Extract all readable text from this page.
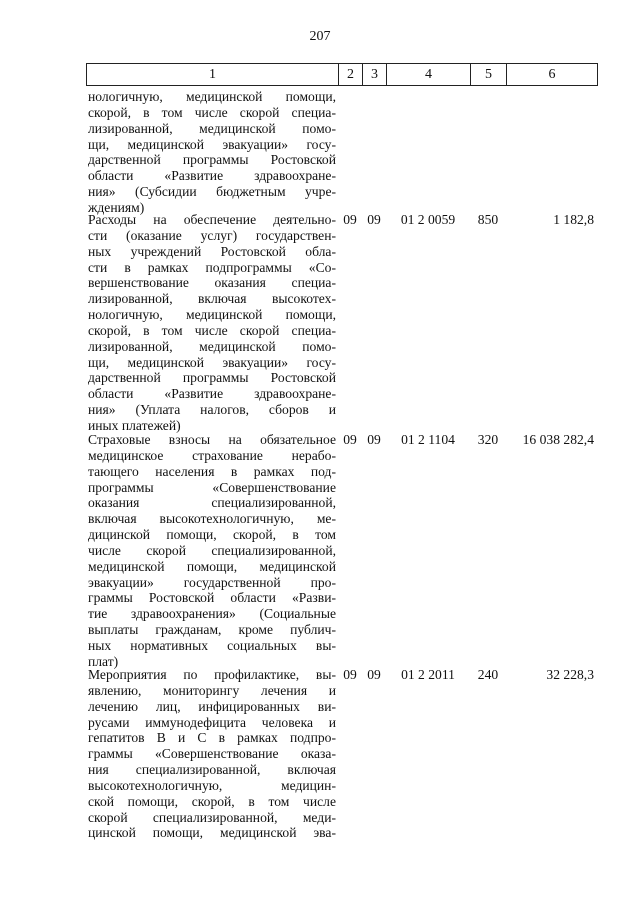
207
1	2	3	4	5	6
нологичную, медицинской помощи,
скорой, в том числе скорой специа-
лизированной, медицинской помо-
щи, медицинской эвакуации» госу-
дарственной программы Ростовской
области «Развитие здравоохране-
ния» (Субсидии бюджетным учре-
ждениям)
Расходы на обеспечение деятельно-
сти (оказание услуг) государствен-
ных учреждений Ростовской обла-
сти в рамках подпрограммы «Со-
вершенствование оказания специа-
лизированной, включая высокотех-
нологичную, медицинской помощи,
скорой, в том числе скорой специа-
лизированной, медицинской помо-
щи, медицинской эвакуации» госу-
дарственной программы Ростовской
области «Развитие здравоохране-
ния» (Уплата налогов, сборов и
иных платежей)
09 09	01 2 0059	850	1 182,8
Страховые взносы на обязательное
медицинское страхование нерабо-
тающего населения в рамках под-
программы «Совершенствование
оказания специализированной,
включая высокотехнологичную, ме-
дицинской помощи, скорой, в том
числе скорой специализированной,
медицинской помощи, медицинской
эвакуации» государственной про-
граммы Ростовской области «Разви-
тие здравоохранения» (Социальные
выплаты гражданам, кроме публич-
ных нормативных социальных вы-
плат)
09 09	01 2 1104	320	16 038 282,4
Мероприятия по профилактике, вы-
явлению, мониторингу лечения и
лечению лиц, инфицированных ви-
русами иммунодефицита человека и
гепатитов В и С в рамках подпро-
граммы «Совершенствование оказа-
ния специализированной, включая
высокотехнологичную, медицин-
ской помощи, скорой, в том числе
скорой специализированной, меди-
цинской помощи, медицинской эва-
09 09	01 2 2011	240	32 228,3
